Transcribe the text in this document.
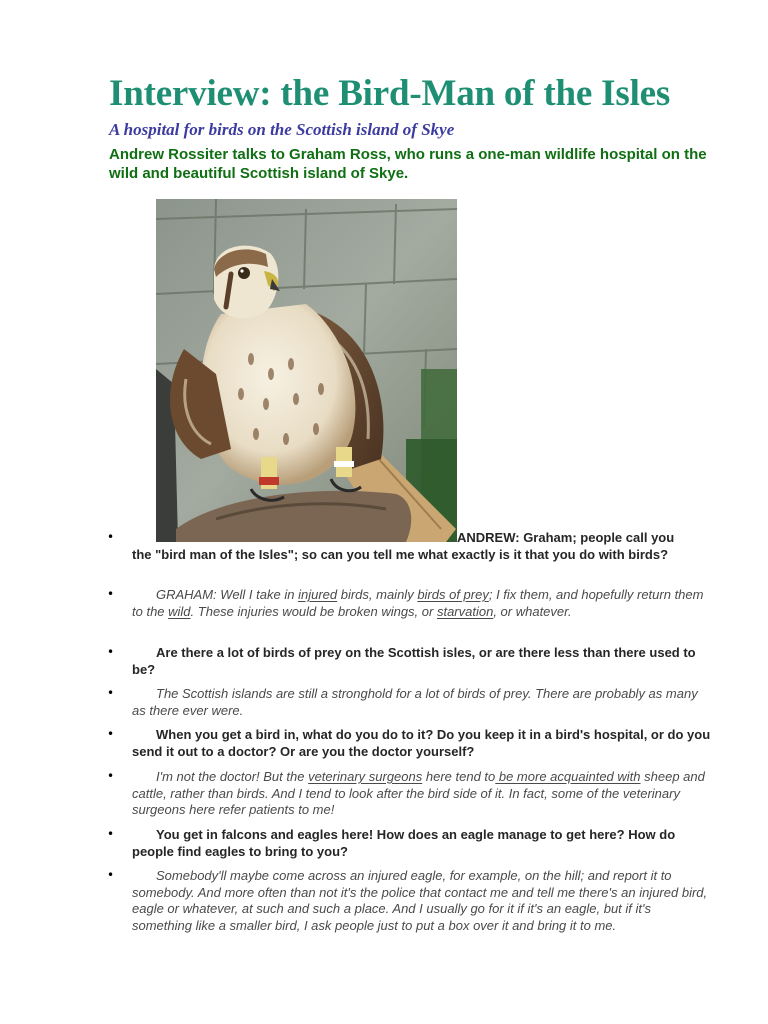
Interview: the Bird-Man of the Isles
A hospital for birds on the Scottish island of Skye

Andrew Rossiter talks to Graham Ross, who runs a one-man wildlife hospital on the wild and beautiful Scottish island of Skye.

•	ANDREW: Graham; people call you
the "bird man of the Isles"; so can you tell me what exactly is it that you do with birds?
•	GRAHAM: Well I take in injured birds, mainly birds of prey; I fix them, and hopefully return them to the wild. These injuries would be broken wings, or starvation, or whatever.

•	Are there a lot of birds of prey on the Scottish isles, or are there less than there used to be?

•	The Scottish islands are still a stronghold for a lot of birds of prey. There are probably as many as there ever were.

•	When you get a bird in, what do you do to it? Do you keep it in a bird's hospital, or do you send it out to a doctor? Or are you the doctor yourself?

•	I'm not the doctor! But the veterinary surgeons here tend to be more acquainted with sheep and cattle, rather than birds. And I tend to look after the bird side of it. In fact, some of the veterinary surgeons here refer patients to me!

•	You get in falcons and eagles here! How does an eagle manage to get here? How do people find eagles to bring to you?

•	Somebody'll maybe come across an injured eagle, for example, on the hill; and report it to somebody. And more often than not it's the police that contact me and tell me there's an injured bird, eagle or whatever, at such and such a place. And I usually go for it if it's an eagle, but if it's something like a smaller bird, I ask people just to put a box over it and bring it to me.
